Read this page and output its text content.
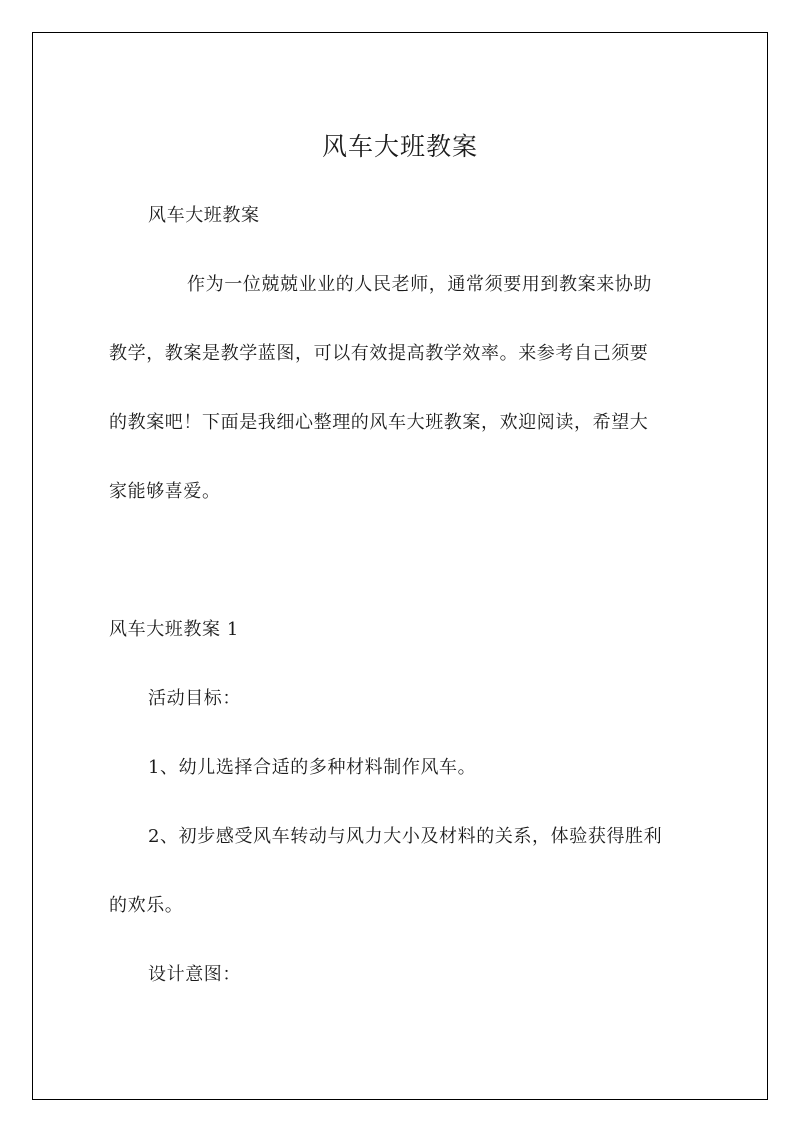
风车大班教案
风车大班教案
作为一位兢兢业业的人民老师，通常须要用到教案来协助
教学，教案是教学蓝图，可以有效提高教学效率。来参考自己须要
的教案吧！下面是我细心整理的风车大班教案，欢迎阅读，希望大
家能够喜爱。
风车大班教案 1
活动目标：
1、幼儿选择合适的多种材料制作风车。
2、初步感受风车转动与风力大小及材料的关系，体验获得胜利
的欢乐。
设计意图：
